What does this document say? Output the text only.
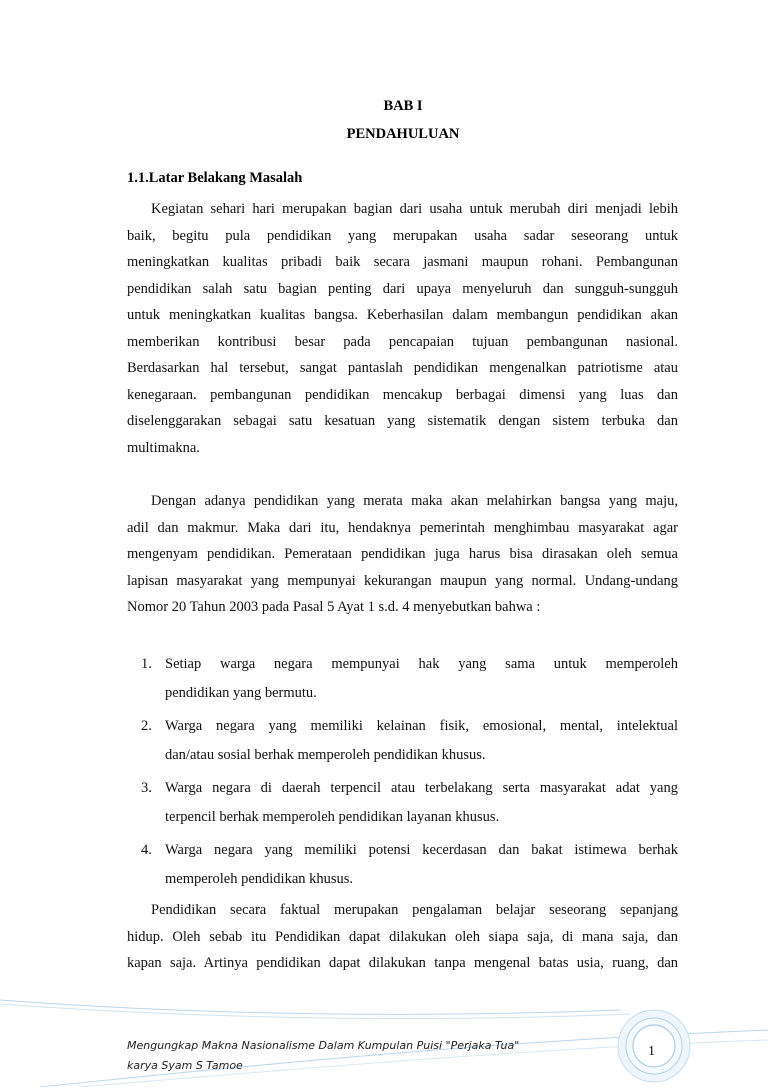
BAB I
PENDAHULUAN
1.1.Latar Belakang Masalah
Kegiatan sehari hari merupakan bagian dari usaha untuk merubah diri menjadi lebih
baik, begitu pula pendidikan yang merupakan usaha sadar seseorang untuk
meningkatkan kualitas pribadi baik secara jasmani maupun rohani. Pembangunan
pendidikan salah satu bagian penting dari upaya menyeluruh dan sungguh-sungguh
untuk meningkatkan kualitas bangsa. Keberhasilan dalam membangun pendidikan akan
memberikan kontribusi besar pada pencapaian tujuan pembangunan nasional.
Berdasarkan hal tersebut, sangat pantaslah pendidikan mengenalkan patriotisme atau
kenegaraan. pembangunan pendidikan mencakup berbagai dimensi yang luas dan
diselenggarakan sebagai satu kesatuan yang sistematik dengan sistem terbuka dan
multimakna.
Dengan adanya pendidikan yang merata maka akan melahirkan bangsa yang maju,
adil dan makmur. Maka dari itu, hendaknya pemerintah menghimbau masyarakat agar
mengenyam pendidikan. Pemerataan pendidikan juga harus bisa dirasakan oleh semua
lapisan masyarakat yang mempunyai kekurangan maupun yang normal. Undang-undang
Nomor 20 Tahun 2003 pada Pasal 5 Ayat 1 s.d. 4 menyebutkan bahwa :
1. Setiap warga negara mempunyai hak yang sama untuk memperoleh
pendidikan yang bermutu.
2. Warga negara yang memiliki kelainan fisik, emosional, mental, intelektual
dan/atau sosial berhak memperoleh pendidikan khusus.
3. Warga negara di daerah terpencil atau terbelakang serta masyarakat adat yang
terpencil berhak memperoleh pendidikan layanan khusus.
4. Warga negara yang memiliki potensi kecerdasan dan bakat istimewa berhak
memperoleh pendidikan khusus.
Pendidikan secara faktual merupakan pengalaman belajar seseorang sepanjang
hidup. Oleh sebab itu Pendidikan dapat dilakukan oleh siapa saja, di mana saja, dan
kapan saja. Artinya pendidikan dapat dilakukan tanpa mengenal batas usia, ruang, dan
Mengungkap Makna Nasionalisme Dalam Kumpulan Puisi "Perjaka Tua"
karya Syam S Tamoe
1
